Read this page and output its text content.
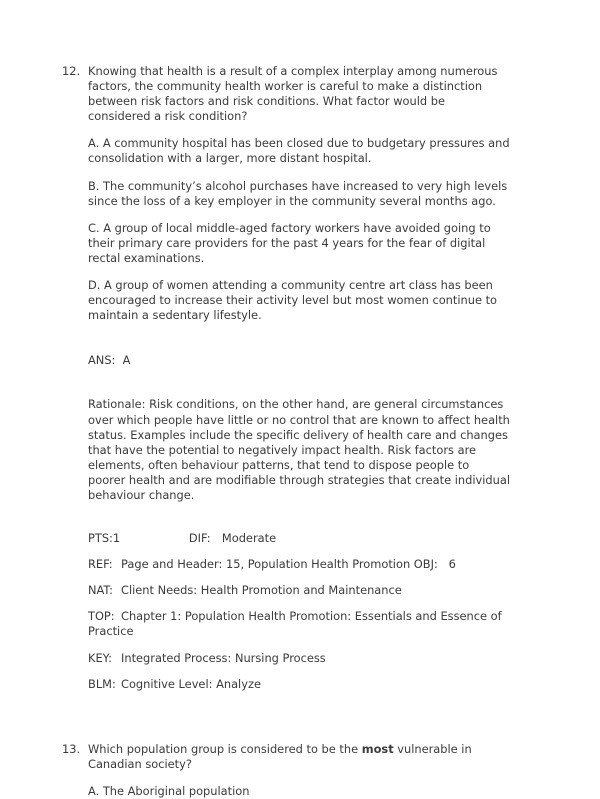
12. Knowing that health is a result of a complex interplay among numerous factors, the community health worker is careful to make a distinction between risk factors and risk conditions. What factor would be considered a risk condition?
A. A community hospital has been closed due to budgetary pressures and consolidation with a larger, more distant hospital.
B. The community’s alcohol purchases have increased to very high levels since the loss of a key employer in the community several months ago.
C. A group of local middle-aged factory workers have avoided going to their primary care providers for the past 4 years for the fear of digital rectal examinations.
D. A group of women attending a community centre art class has been encouraged to increase their activity level but most women continue to maintain a sedentary lifestyle.
ANS: A
Rationale: Risk conditions, on the other hand, are general circumstances over which people have little or no control that are known to affect health status. Examples include the specific delivery of health care and changes that have the potential to negatively impact health. Risk factors are elements, often behaviour patterns, that tend to dispose people to poorer health and are modifiable through strategies that create individual behaviour change.
PTS:1	DIF: Moderate
REF: Page and Header: 15, Population Health Promotion OBJ: 6
NAT: Client Needs: Health Promotion and Maintenance
TOP: Chapter 1: Population Health Promotion: Essentials and Essence of Practice
KEY: Integrated Process: Nursing Process
BLM: Cognitive Level: Analyze
13. Which population group is considered to be the most vulnerable in Canadian society?
A. The Aboriginal population
